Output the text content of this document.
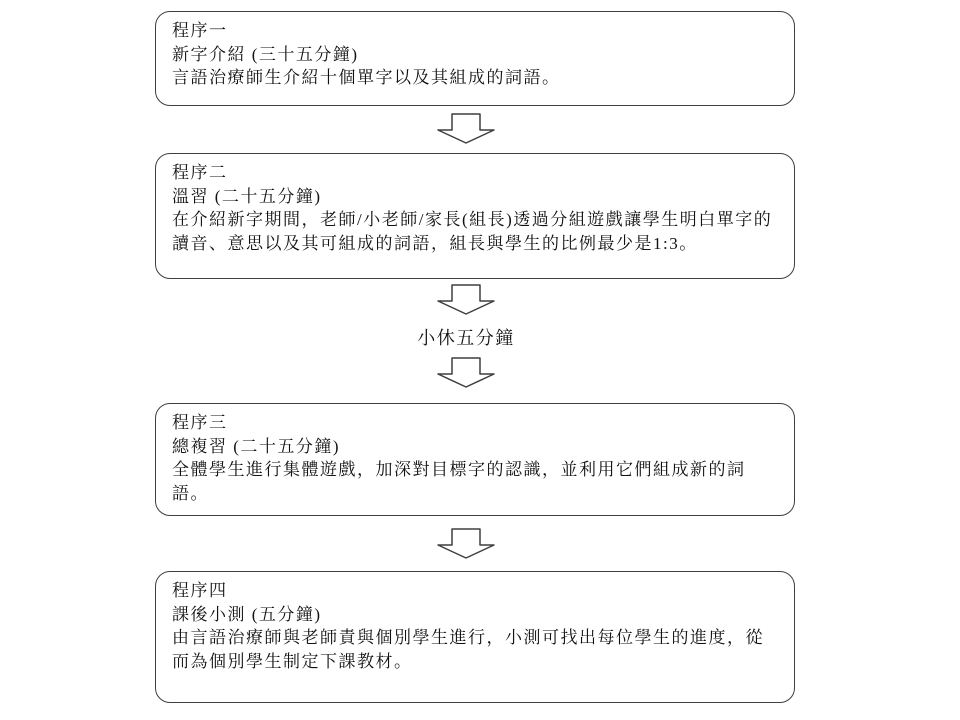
程序一
新字介紹 (三十五分鐘)
言語治療師生介紹十個單字以及其組成的詞語。
程序二
溫習 (二十五分鐘)
在介紹新字期間，老師/小老師/家長(組長)透過分組遊戲讓學生明白單字的讀音、意思以及其可組成的詞語，組長與學生的比例最少是1:3。
小休五分鐘
程序三
總複習 (二十五分鐘)
全體學生進行集體遊戲，加深對目標字的認識，並利用它們組成新的詞語。
程序四
課後小測 (五分鐘)
由言語治療師與老師責與個別學生進行，小測可找出每位學生的進度，從而為個別學生制定下課教材。
